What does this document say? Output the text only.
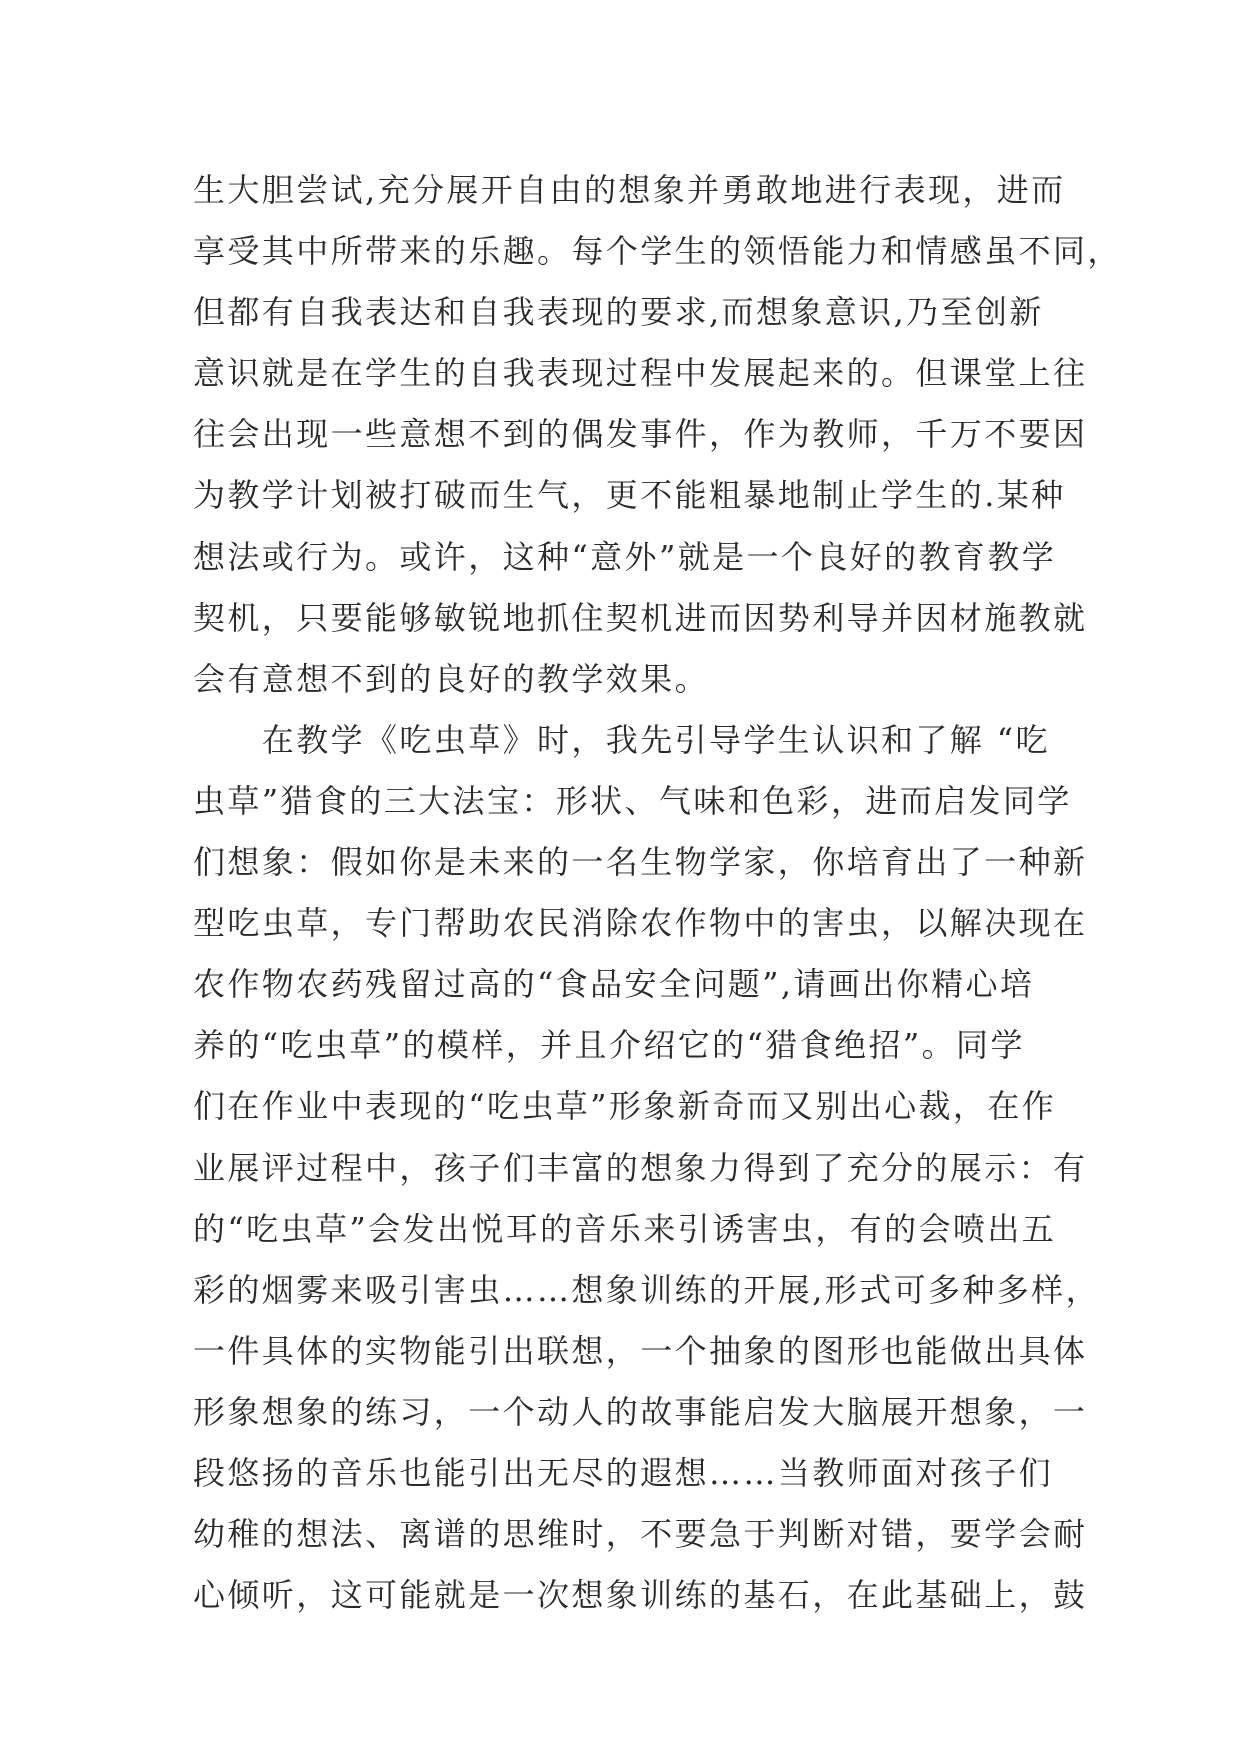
生大胆尝试,充分展开自由的想象并勇敢地进行表现，进而
享受其中所带来的乐趣。每个学生的领悟能力和情感虽不同，
但都有自我表达和自我表现的要求,而想象意识,乃至创新
意识就是在学生的自我表现过程中发展起来的。但课堂上往
往会出现一些意想不到的偶发事件，作为教师，千万不要因
为教学计划被打破而生气，更不能粗暴地制止学生的.某种
想法或行为。或许，这种“意外”就是一个良好的教育教学
契机，只要能够敏锐地抓住契机进而因势利导并因材施教就
会有意想不到的良好的教学效果。
　　在教学《吃虫草》时，我先引导学生认识和了解 “吃
虫草”猎食的三大法宝：形状、气味和色彩，进而启发同学
们想象：假如你是未来的一名生物学家，你培育出了一种新
型吃虫草，专门帮助农民消除农作物中的害虫，以解决现在
农作物农药残留过高的“食品安全问题”,请画出你精心培
养的“吃虫草”的模样，并且介绍它的“猎食绝招”。同学
们在作业中表现的“吃虫草”形象新奇而又别出心裁，在作
业展评过程中，孩子们丰富的想象力得到了充分的展示：有
的“吃虫草”会发出悦耳的音乐来引诱害虫，有的会喷出五
彩的烟雾来吸引害虫……想象训练的开展,形式可多种多样，
一件具体的实物能引出联想，一个抽象的图形也能做出具体
形象想象的练习，一个动人的故事能启发大脑展开想象，一
段悠扬的音乐也能引出无尽的遐想……当教师面对孩子们
幼稚的想法、离谱的思维时，不要急于判断对错，要学会耐
心倾听，这可能就是一次想象训练的基石，在此基础上，鼓
